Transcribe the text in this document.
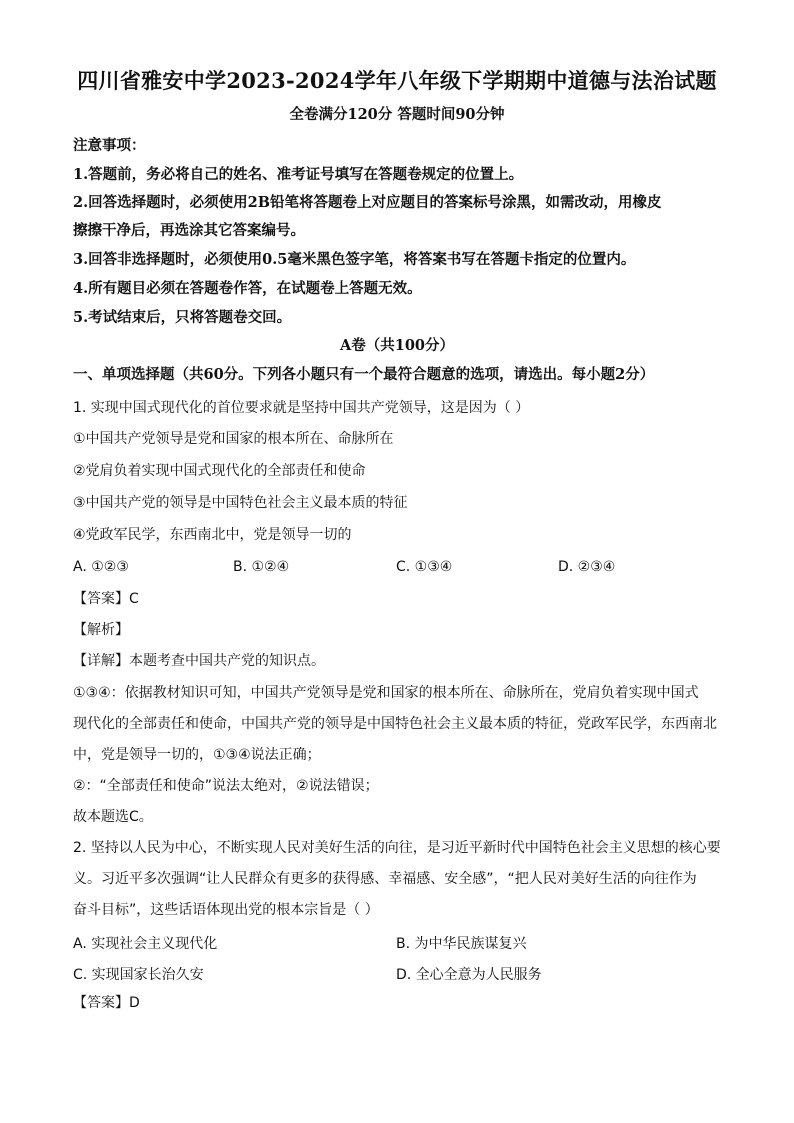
四川省雅安中学2023-2024学年八年级下学期期中道德与法治试题
全卷满分120分 答题时间90分钟
注意事项：
1.答题前，务必将自己的姓名、准考证号填写在答题卷规定的位置上。
2.回答选择题时，必须使用2B铅笔将答题卷上对应题目的答案标号涂黑，如需改动，用橡皮
擦擦干净后，再选涂其它答案编号。
3.回答非选择题时，必须使用0.5毫米黑色签字笔，将答案书写在答题卡指定的位置内。
4.所有题目必须在答题卷作答，在试题卷上答题无效。
5.考试结束后，只将答题卷交回。
A卷（共100分）
一、单项选择题（共60分。下列各小题只有一个最符合题意的选项，请选出。每小题2分）
1. 实现中国式现代化的首位要求就是坚持中国共产党领导，这是因为（ ）
①中国共产党领导是党和国家的根本所在、命脉所在
②党肩负着实现中国式现代化的全部责任和使命
③中国共产党的领导是中国特色社会主义最本质的特征
④党政军民学，东西南北中，党是领导一切的
A. ①②③	B. ①②④	C. ①③④	D. ②③④
【答案】C
【解析】
【详解】本题考查中国共产党的知识点。
①③④：依据教材知识可知，中国共产党领导是党和国家的根本所在、命脉所在，党肩负着实现中国式
现代化的全部责任和使命，中国共产党的领导是中国特色社会主义最本质的特征，党政军民学，东西南北
中，党是领导一切的，①③④说法正确；
②：“全部责任和使命”说法太绝对，②说法错误；
故本题选C。
2. 坚持以人民为中心，不断实现人民对美好生活的向往，是习近平新时代中国特色社会主义思想的核心要
义。习近平多次强调“让人民群众有更多的获得感、幸福感、安全感”，“把人民对美好生活的向往作为
奋斗目标”，这些话语体现出党的根本宗旨是（ ）
A. 实现社会主义现代化	B. 为中华民族谋复兴
C. 实现国家长治久安	D. 全心全意为人民服务
【答案】D
